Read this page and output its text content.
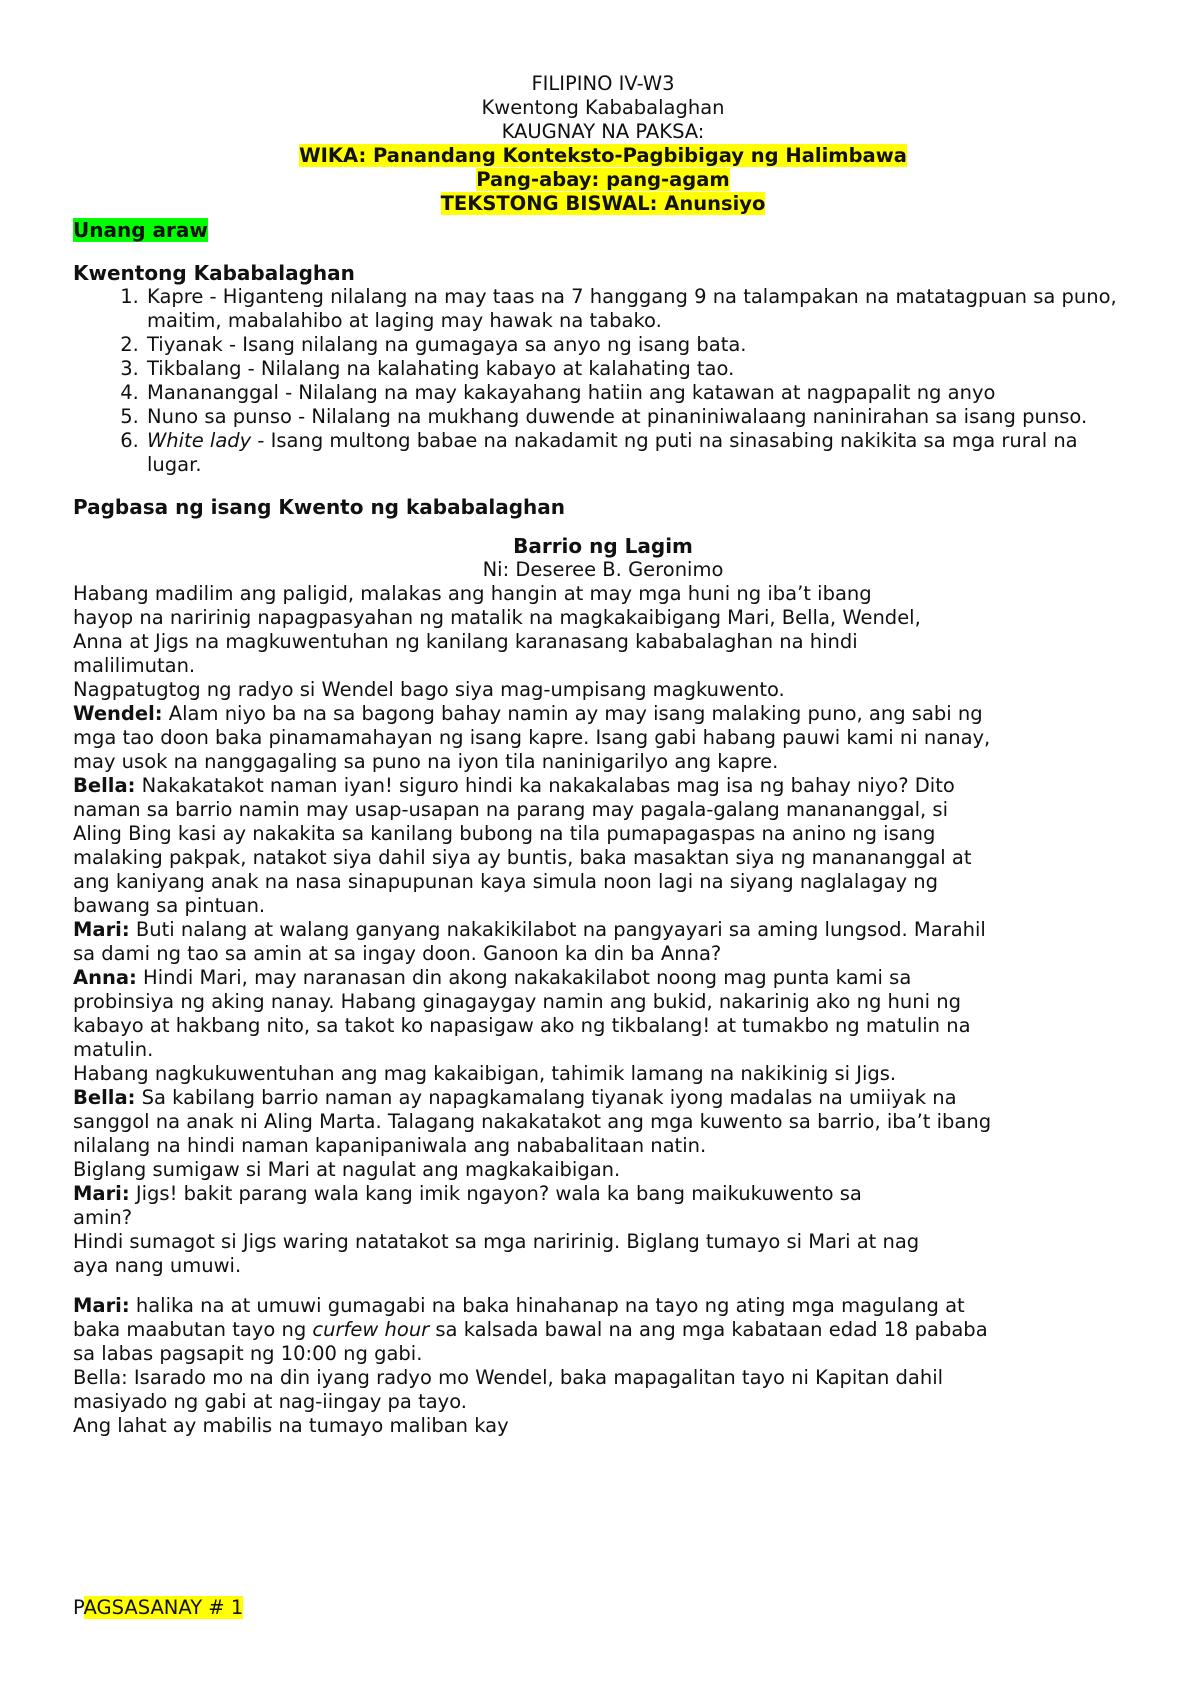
FILIPINO IV-W3

Kwentong Kababalaghan

KAUGNAY NA PAKSA:

WIKA: Panandang Konteksto-Pagbibigay ng Halimbawa

Pang-abay: pang-agam

TEKSTONG BISWAL: Anunsiyo

Unang araw

Kwentong Kababalaghan

1. Kapre - Higanteng nilalang na may taas na 7 hanggang 9 na talampakan na matatagpuan sa puno, maitim, mabalahibo at laging may hawak na tabako.
2. Tiyanak - Isang nilalang na gumagaya sa anyo ng isang bata.
3. Tikbalang - Nilalang na kalahating kabayo at kalahating tao.
4. Manananggal - Nilalang na may kakayahang hatiin ang katawan at nagpapalit ng anyo
5. Nuno sa punso - Nilalang na mukhang duwende at pinaniniwalaang naninirahan sa isang punso.
6. White lady - Isang multong babae na nakadamit ng puti na sinasabing nakikita sa mga rural na lugar.

Pagbasa ng isang Kwento ng kababalaghan

Barrio ng Lagim

Ni: Deseree B. Geronimo

Habang madilim ang paligid, malakas ang hangin at may mga huni ng iba’t ibang hayop na naririnig napagpasyahan ng matalik na magkakaibigang Mari, Bella, Wendel, Anna at Jigs na magkuwentuhan ng kanilang karanasang kababalaghan na hindi malilimutan.

Nagpatugtog ng radyo si Wendel bago siya mag-umpisang magkuwento.

Wendel: Alam niyo ba na sa bagong bahay namin ay may isang malaking puno, ang sabi ng mga tao doon baka pinamamahayan ng isang kapre. Isang gabi habang pauwi kami ni nanay, may usok na nanggagaling sa puno na iyon tila naninigarilyo ang kapre.

Bella: Nakakatakot naman iyan! siguro hindi ka nakakalabas mag isa ng bahay niyo? Dito naman sa barrio namin may usap-usapan na parang may pagala-galang manananggal, si Aling Bing kasi ay nakakita sa kanilang bubong na tila pumapagaspas na anino ng isang malaking pakpak, natakot siya dahil siya ay buntis, baka masaktan siya ng manananggal at ang kaniyang anak na nasa sinapupunan kaya simula noon lagi na siyang naglalagay ng bawang sa pintuan.

Mari: Buti nalang at walang ganyang nakakikilabot na pangyayari sa aming lungsod. Marahil sa dami ng tao sa amin at sa ingay doon. Ganoon ka din ba Anna?

Anna: Hindi Mari, may naranasan din akong nakakakilabot noong mag punta kami sa probinsiya ng aking nanay. Habang ginagaygay namin ang bukid, nakarinig ako ng huni ng kabayo at hakbang nito, sa takot ko napasigaw ako ng tikbalang! at tumakbo ng matulin na matulin.

Habang nagkukuwentuhan ang mag kakaibigan, tahimik lamang na nakikinig si Jigs.

Bella: Sa kabilang barrio naman ay napagkamalang tiyanak iyong madalas na umiiyak na sanggol na anak ni Aling Marta. Talagang nakakatakot ang mga kuwento sa barrio, iba’t ibang nilalang na hindi naman kapanipaniwala ang nababalitaan natin.

Biglang sumigaw si Mari at nagulat ang magkakaibigan.

Mari: Jigs! bakit parang wala kang imik ngayon? wala ka bang maikukuwento sa amin?

Hindi sumagot si Jigs waring natatakot sa mga naririnig. Biglang tumayo si Mari at nag aya nang umuwi.

Mari: halika na at umuwi gumagabi na baka hinahanap na tayo ng ating mga magulang at baka maabutan tayo ng curfew hour sa kalsada bawal na ang mga kabataan edad 18 pababa sa labas pagsapit ng 10:00 ng gabi.

Bella: Isarado mo na din iyang radyo mo Wendel, baka mapagalitan tayo ni Kapitan dahil masiyado ng gabi at nag-iingay pa tayo.

Ang lahat ay mabilis na tumayo maliban kay

PAGSASANAY # 1
